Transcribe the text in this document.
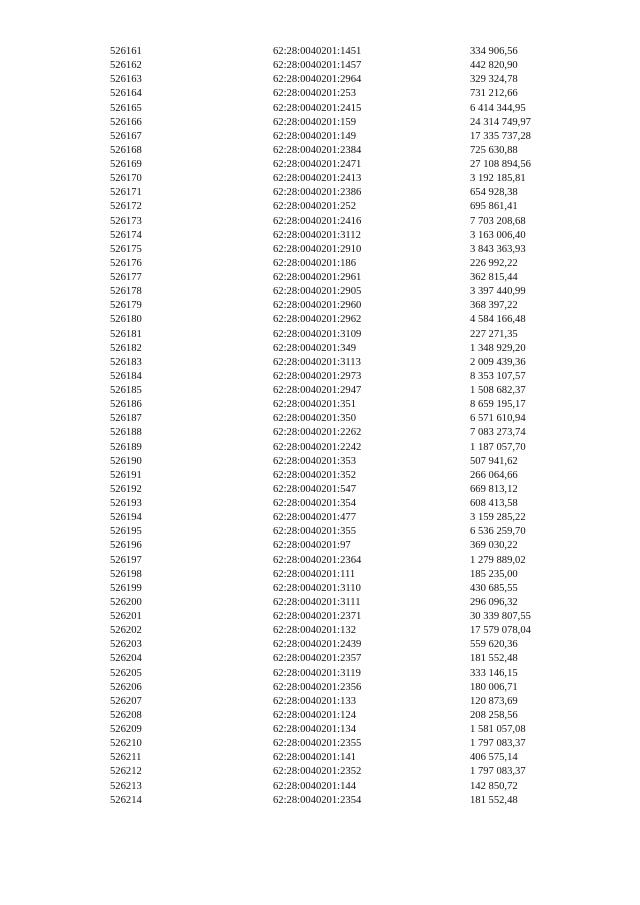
526161	62:28:0040201:1451	334 906,56
526162	62:28:0040201:1457	442 820,90
526163	62:28:0040201:2964	329 324,78
526164	62:28:0040201:253	731 212,66
526165	62:28:0040201:2415	6 414 344,95
526166	62:28:0040201:159	24 314 749,97
526167	62:28:0040201:149	17 335 737,28
526168	62:28:0040201:2384	725 630,88
526169	62:28:0040201:2471	27 108 894,56
526170	62:28:0040201:2413	3 192 185,81
526171	62:28:0040201:2386	654 928,38
526172	62:28:0040201:252	695 861,41
526173	62:28:0040201:2416	7 703 208,68
526174	62:28:0040201:3112	3 163 006,40
526175	62:28:0040201:2910	3 843 363,93
526176	62:28:0040201:186	226 992,22
526177	62:28:0040201:2961	362 815,44
526178	62:28:0040201:2905	3 397 440,99
526179	62:28:0040201:2960	368 397,22
526180	62:28:0040201:2962	4 584 166,48
526181	62:28:0040201:3109	227 271,35
526182	62:28:0040201:349	1 348 929,20
526183	62:28:0040201:3113	2 009 439,36
526184	62:28:0040201:2973	8 353 107,57
526185	62:28:0040201:2947	1 508 682,37
526186	62:28:0040201:351	8 659 195,17
526187	62:28:0040201:350	6 571 610,94
526188	62:28:0040201:2262	7 083 273,74
526189	62:28:0040201:2242	1 187 057,70
526190	62:28:0040201:353	507 941,62
526191	62:28:0040201:352	266 064,66
526192	62:28:0040201:547	669 813,12
526193	62:28:0040201:354	608 413,58
526194	62:28:0040201:477	3 159 285,22
526195	62:28:0040201:355	6 536 259,70
526196	62:28:0040201:97	369 030,22
526197	62:28:0040201:2364	1 279 889,02
526198	62:28:0040201:111	185 235,00
526199	62:28:0040201:3110	430 685,55
526200	62:28:0040201:3111	296 096,32
526201	62:28:0040201:2371	30 339 807,55
526202	62:28:0040201:132	17 579 078,04
526203	62:28:0040201:2439	559 620,36
526204	62:28:0040201:2357	181 552,48
526205	62:28:0040201:3119	333 146,15
526206	62:28:0040201:2356	180 006,71
526207	62:28:0040201:133	120 873,69
526208	62:28:0040201:124	208 258,56
526209	62:28:0040201:134	1 581 057,08
526210	62:28:0040201:2355	1 797 083,37
526211	62:28:0040201:141	406 575,14
526212	62:28:0040201:2352	1 797 083,37
526213	62:28:0040201:144	142 850,72
526214	62:28:0040201:2354	181 552,48
